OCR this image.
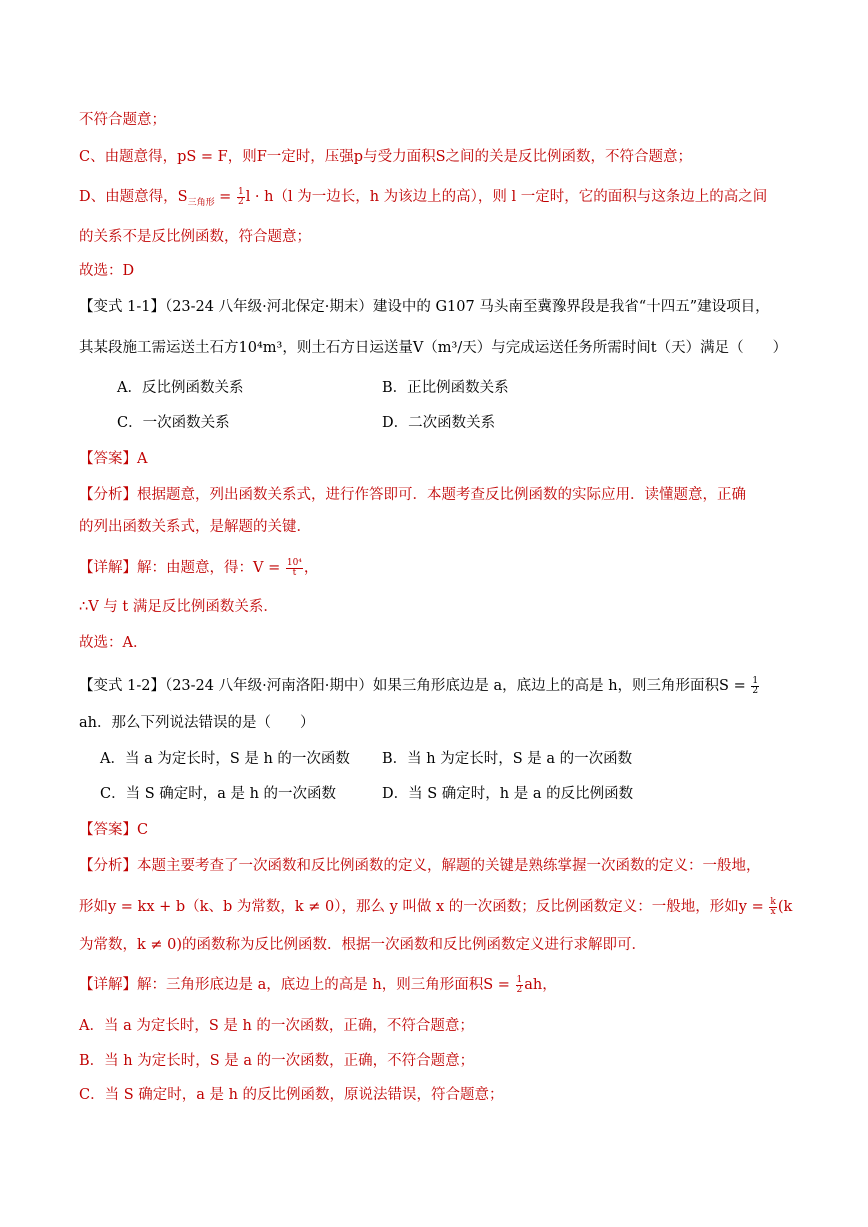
不符合题意；
C、由题意得，pS = F，则F一定时，压强p与受力面积S之间的关是反比例函数，不符合题意；
D、由题意得，$S_{三角形} = \frac{1}{2}$ l · h（l 为一边长，h 为该边上的高），则 l 一定时，它的面积与这条边上的高之间
的关系不是反比例函数，符合题意；
故选：D
【变式 1-1】（23-24 八年级·河北保定·期末）建设中的 G107 马头南至冀豫界段是我省“十四五”建设项目，
其某段施工需运送土石方10⁴m³，则土石方日运送量V（m³/天）与完成运送任务所需时间t（天）满足（　　）
A．反比例函数关系	B．正比例函数关系
C．一次函数关系	D．二次函数关系
【答案】A
【分析】根据题意，列出函数关系式，进行作答即可．本题考查反比例函数的实际应用．读懂题意，正确
的列出函数关系式，是解题的关键．
【详解】解：由题意，得：$V = \frac{\text{10⁴}}{t}$ ，
∴V 与 t 满足反比例函数关系．
故选：A．
【变式 1-2】（23-24 八年级·河南洛阳·期中）如果三角形底边是 a，底边上的高是 h，则三角形面积$S = \frac{1}{2}$
ah．那么下列说法错误的是（　　）
A．当 a 为定长时，S 是 h 的一次函数 B．当 h 为定长时，S 是 a 的一次函数
C．当 S 确定时，a 是 h 的一次函数	D．当 S 确定时，h 是 a 的反比例函数
【答案】C
【分析】本题主要考查了一次函数和反比例函数的定义，解题的关键是熟练掌握一次函数的定义：一般地，
形如y = kx + b（k、b 为常数，k ≠ 0），那么 y 叫做 x 的一次函数；反比例函数定义：一般地，形如$y = \frac{k}{x} (k$
为常数，k ≠ 0)的函数称为反比例函数．根据一次函数和反比例函数定义进行求解即可．
【详解】解：三角形底边是 a，底边上的高是 h，则三角形面积$S = \frac{1}{2}$ ah，
A．当 a 为定长时，S 是 h 的一次函数，正确，不符合题意；
B．当 h 为定长时，S 是 a 的一次函数，正确，不符合题意；
C．当 S 确定时，a 是 h 的反比例函数，原说法错误，符合题意；
